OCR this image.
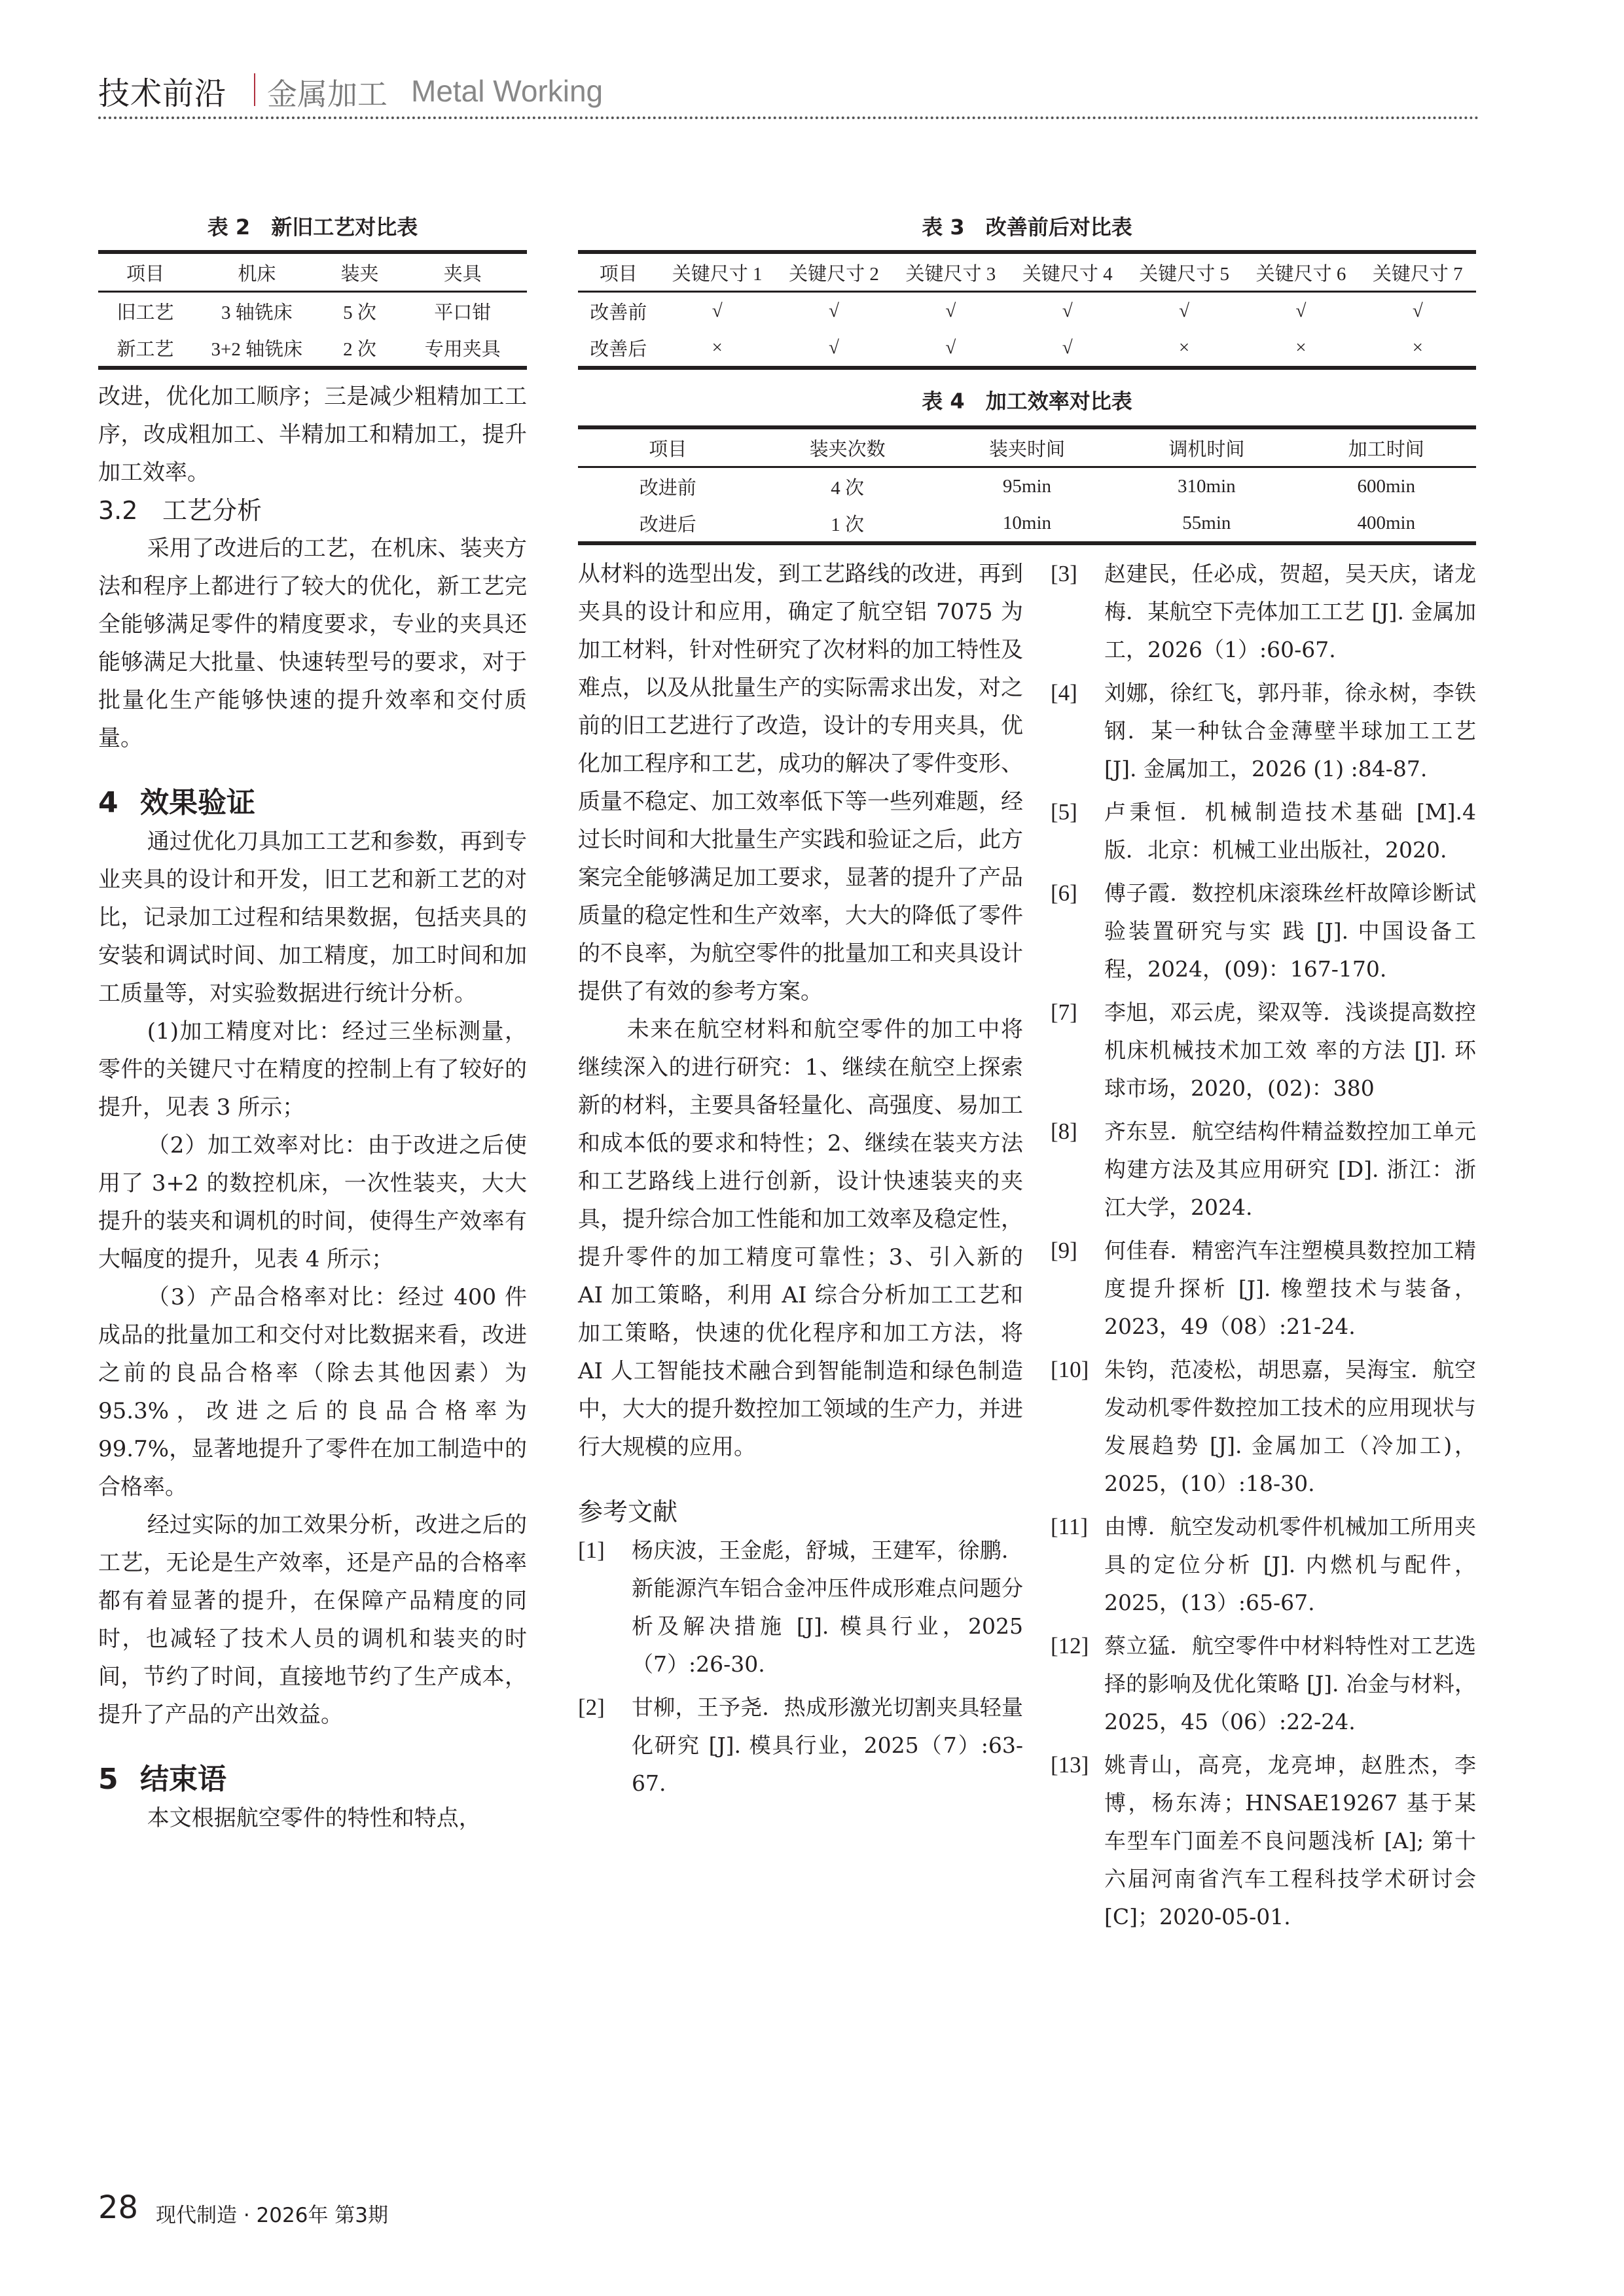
技术前沿 金属加工 Metal Working
表 2　新旧工艺对比表
项目	机床	装夹	夹具
旧工艺	3 轴铣床	5 次	平口钳
新工艺	3+2 轴铣床	2 次	专用夹具
表 3　改善前后对比表
项目	关键尺寸 1	关键尺寸 2	关键尺寸 3	关键尺寸 4	关键尺寸 5	关键尺寸 6	关键尺寸 7
改善前	√	√	√	√	√	√	√
改善后	×	√	√	√	×	×	×
表 4　加工效率对比表
项目	装夹次数	装夹时间	调机时间	加工时间
改进前	4 次	95min	310min	600min
改进后	1 次	10min	55min	400min

改进，优化加工顺序；三是减少粗精加工工序，改成粗加工、半精加工和精加工，提升加工效率。

3.2 工艺分析

采用了改进后的工艺，在机床、装夹方法和程序上都进行了较大的优化，新工艺完全能够满足零件的精度要求，专业的夹具还能够满足大批量、快速转型号的要求，对于批量化生产能够快速的提升效率和交付质量。

4 效果验证

通过优化刀具加工工艺和参数，再到专业夹具的设计和开发，旧工艺和新工艺的对比，记录加工过程和结果数据，包括夹具的安装和调试时间、加工精度，加工时间和加工质量等，对实验数据进行统计分析。

(1)加工精度对比：经过三坐标测量，零件的关键尺寸在精度的控制上有了较好的提升，见表 3 所示；

（2）加工效率对比：由于改进之后使用了 3+2 的数控机床，一次性装夹，大大提升的装夹和调机的时间，使得生产效率有大幅度的提升，见表 4 所示；

（3）产品合格率对比：经过 400 件成品的批量加工和交付对比数据来看，改进之前的良品合格率（除去其他因素）为 95.3%，改进之后的良品合格率为 99.7%，显著地提升了零件在加工制造中的合格率。

经过实际的加工效果分析，改进之后的工艺，无论是生产效率，还是产品的合格率都有着显著的提升，在保障产品精度的同时，也减轻了技术人员的调机和装夹的时间，节约了时间，直接地节约了生产成本，提升了产品的产出效益。

5 结束语

本文根据航空零件的特性和特点，

从材料的选型出发，到工艺路线的改进，再到夹具的设计和应用，确定了航空铝 7075 为加工材料，针对性研究了次材料的加工特性及难点，以及从批量生产的实际需求出发，对之前的旧工艺进行了改造，设计的专用夹具，优化加工程序和工艺，成功的解决了零件变形、质量不稳定、加工效率低下等一些列难题，经过长时间和大批量生产实践和验证之后，此方案完全能够满足加工要求，显著的提升了产品质量的稳定性和生产效率，大大的降低了零件的不良率，为航空零件的批量加工和夹具设计提供了有效的参考方案。

未来在航空材料和航空零件的加工中将继续深入的进行研究：1、继续在航空上探索新的材料，主要具备轻量化、高强度、易加工和成本低的要求和特性；2、继续在装夹方法和工艺路线上进行创新，设计快速装夹的夹具，提升综合加工性能和加工效率及稳定性，提升零件的加工精度可靠性；3、引入新的 AI 加工策略，利用 AI 综合分析加工工艺和加工策略，快速的优化程序和加工方法，将 AI 人工智能技术融合到智能制造和绿色制造中，大大的提升数控加工领域的生产力，并进行大规模的应用。

参考文献
[1]	杨庆波，王金彪，舒城，王建军，徐鹏．新能源汽车铝合金冲压件成形难点问题分析及解决措施 [J]. 模具行业，2025（7）:26-30.
[2]	甘柳，王予尧．热成形激光切割夹具轻量化研究 [J]. 模具行业，2025（7）:63-67.
[3]	赵建民，任必成，贺超，吴天庆，诸龙梅．某航空下壳体加工工艺 [J]. 金属加工，2026（1）:60-67.
[4]	刘娜，徐红飞，郭丹菲，徐永树，李铁钢．某一种钛合金薄壁半球加工工艺 [J]. 金属加工，2026 (1) :84-87.
[5]	卢秉恒．机械制造技术基础 [M].4 版．北京：机械工业出版社，2020.
[6]	傅子霞．数控机床滚珠丝杆故障诊断试验装置研究与实 践 [J]. 中国设备工程，2024，(09)：167-170.
[7]	李旭，邓云虎，梁双等．浅谈提高数控机床机械技术加工效 率的方法 [J]. 环球市场，2020，(02)：380
[8]	齐东昱．航空结构件精益数控加工单元构建方法及其应用研究 [D]. 浙江：浙江大学，2024.
[9]	何佳春．精密汽车注塑模具数控加工精度提升探析 [J]. 橡塑技术与装备，2023，49（08）:21-24.
[10] 朱钧，范凌松，胡思嘉，吴海宝．航空发动机零件数控加工技术的应用现状与发展趋势 [J]. 金属加工（冷加工)，2025，(10）:18-30.
[11] 由博．航空发动机零件机械加工所用夹具的定位分析 [J]. 内燃机与配件，2025，(13）:65-67.
[12] 蔡立猛．航空零件中材料特性对工艺选择的影响及优化策略 [J]. 冶金与材料，2025，45（06）:22-24.
[13] 姚青山，高亮，龙亮坤，赵胜杰，李博，杨东涛；HNSAE19267 基于某车型车门面差不良问题浅析 [A]; 第十六届河南省汽车工程科技学术研讨会 [C]；2020-05-01.
28 现代制造 · 2026年 第3期
